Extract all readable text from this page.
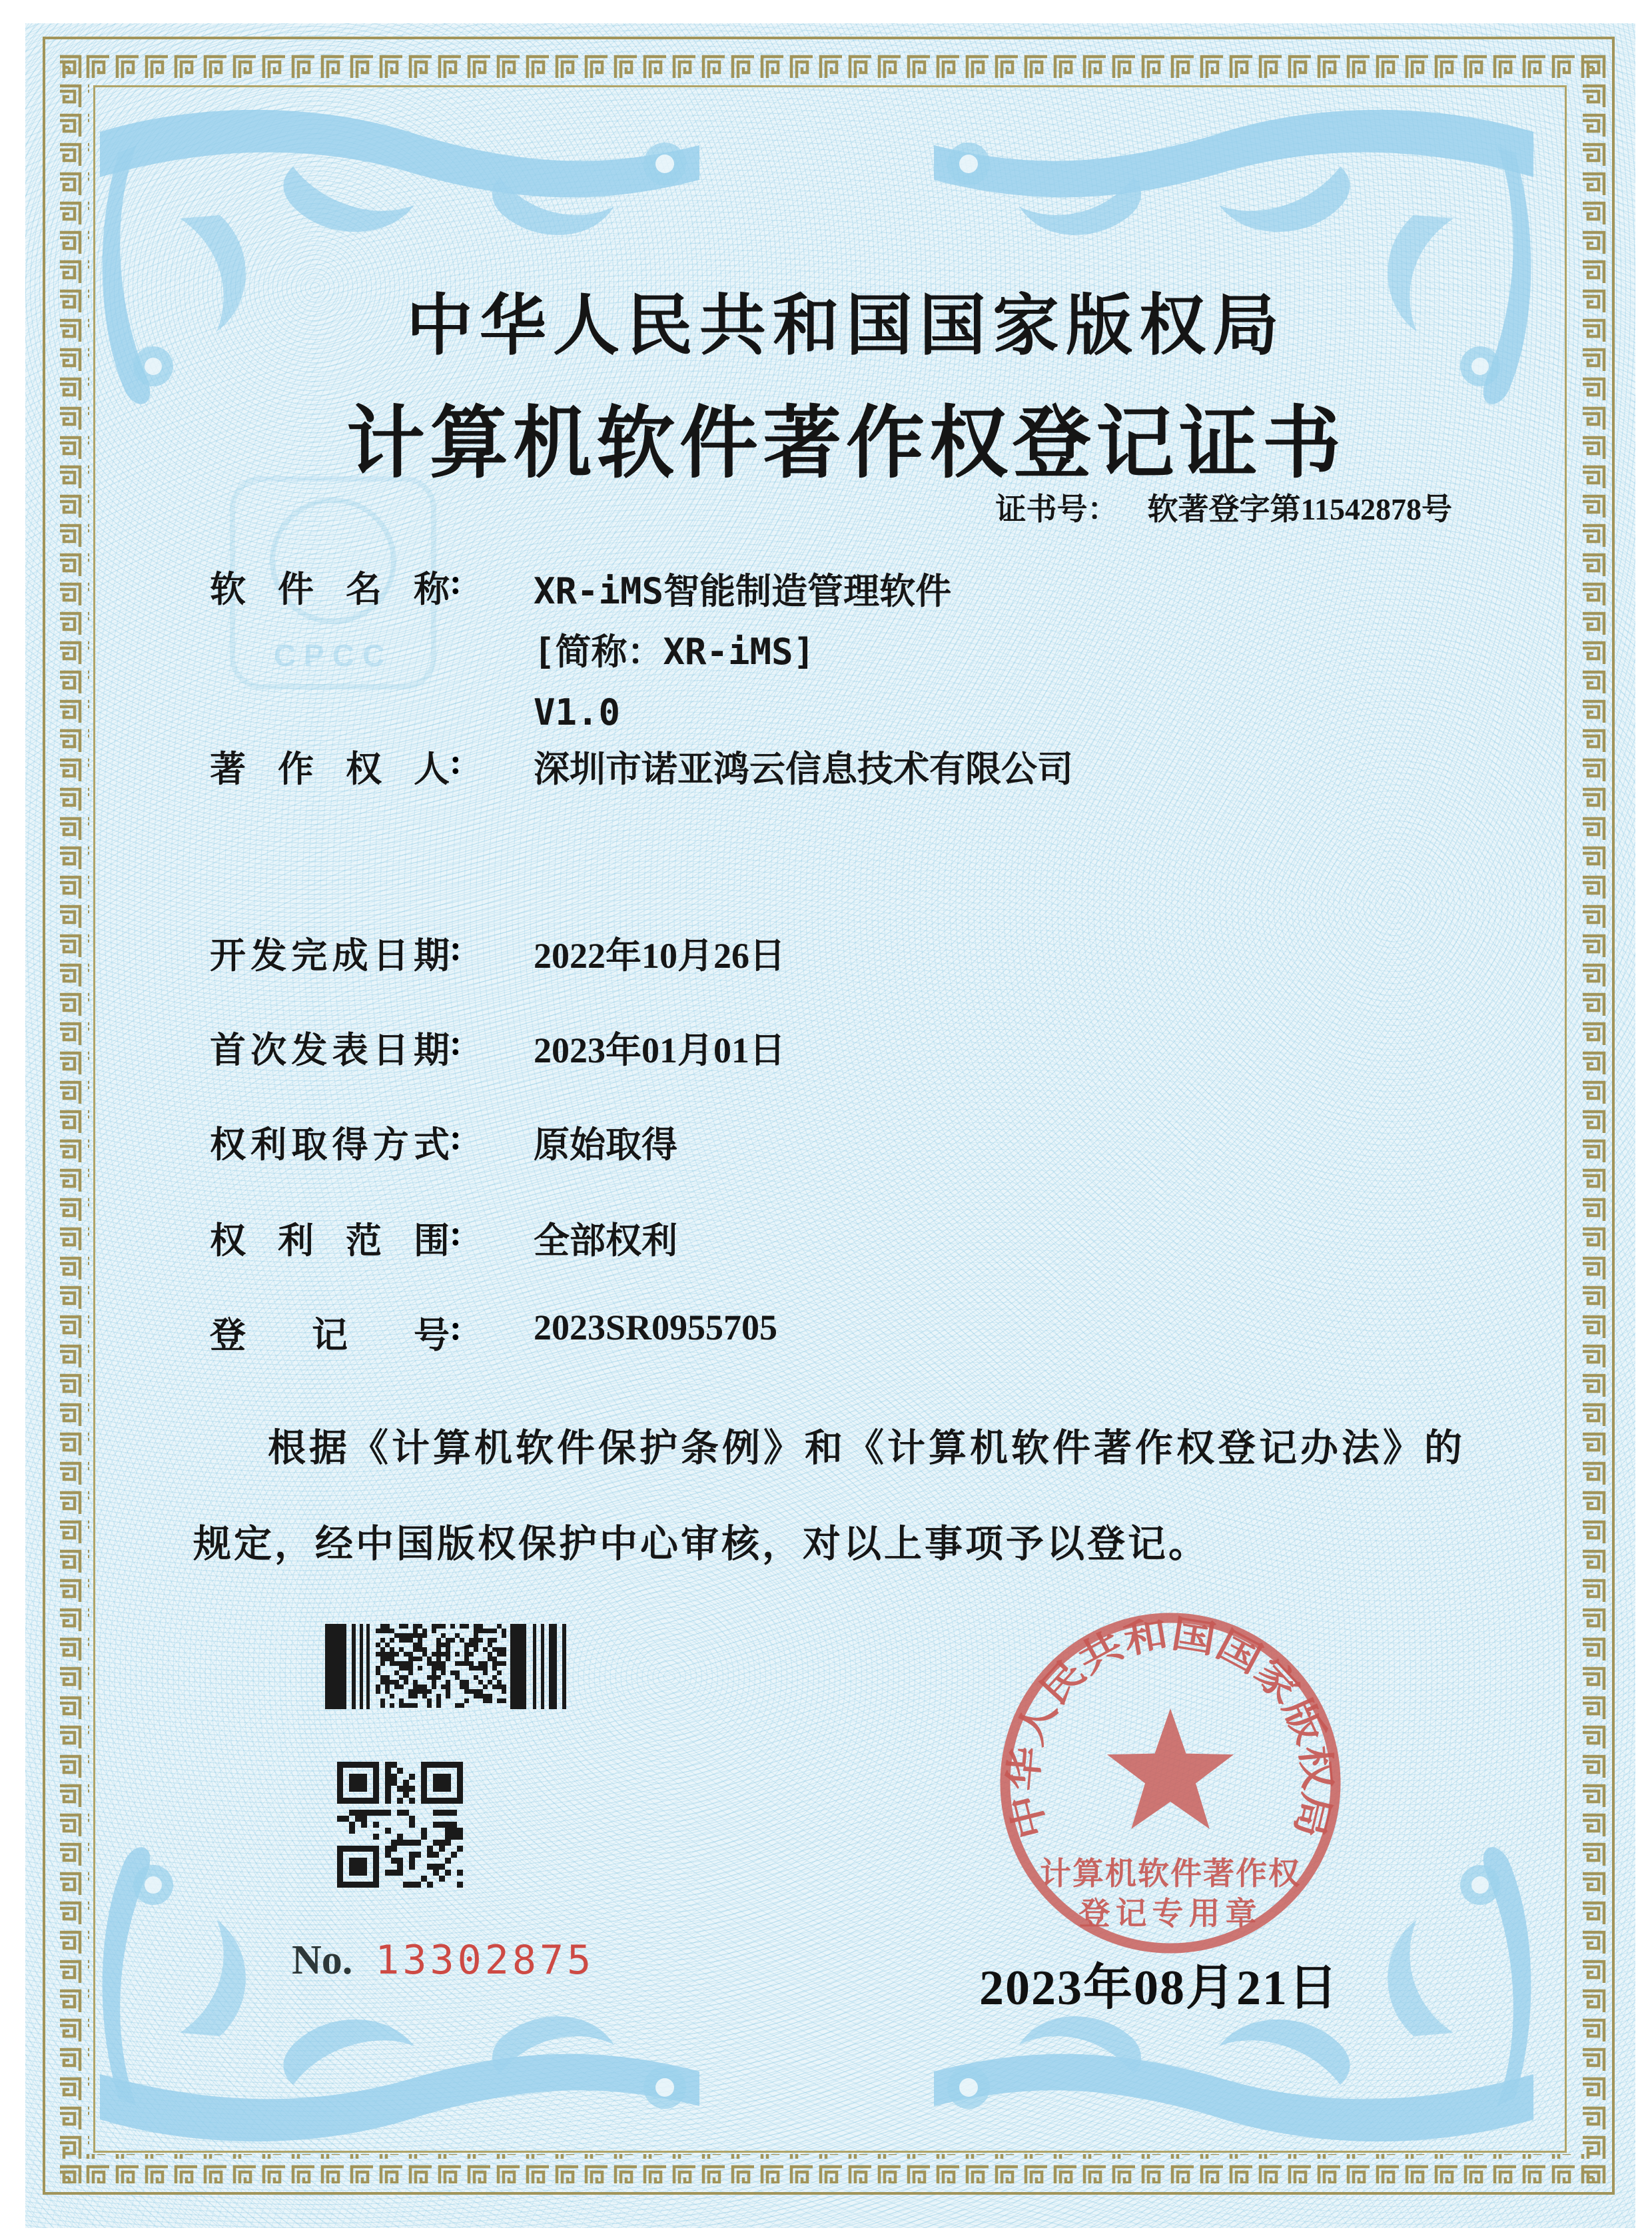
CPCC
中华人民共和国国家版权局
计算机软件著作权登记证书
证书号： 软著登字第11542878号
软件名称: XR-iMS智能制造管理软件
[简称：XR-iMS]
V1.0
著作权人: 深圳市诺亚鸿云信息技术有限公司
开发完成日期: 2022年10月26日
首次发表日期: 2023年01月01日
权利取得方式: 原始取得
权利范围: 全部权利
登记号: 2023SR0955705
根据《计算机软件保护条例》和《计算机软件著作权登记办法》的
规定，经中国版权保护中心审核，对以上事项予以登记。
No. 13302875
中华人民共和国国家版权局
计算机软件著作权
登记专用章
2023年08月21日
